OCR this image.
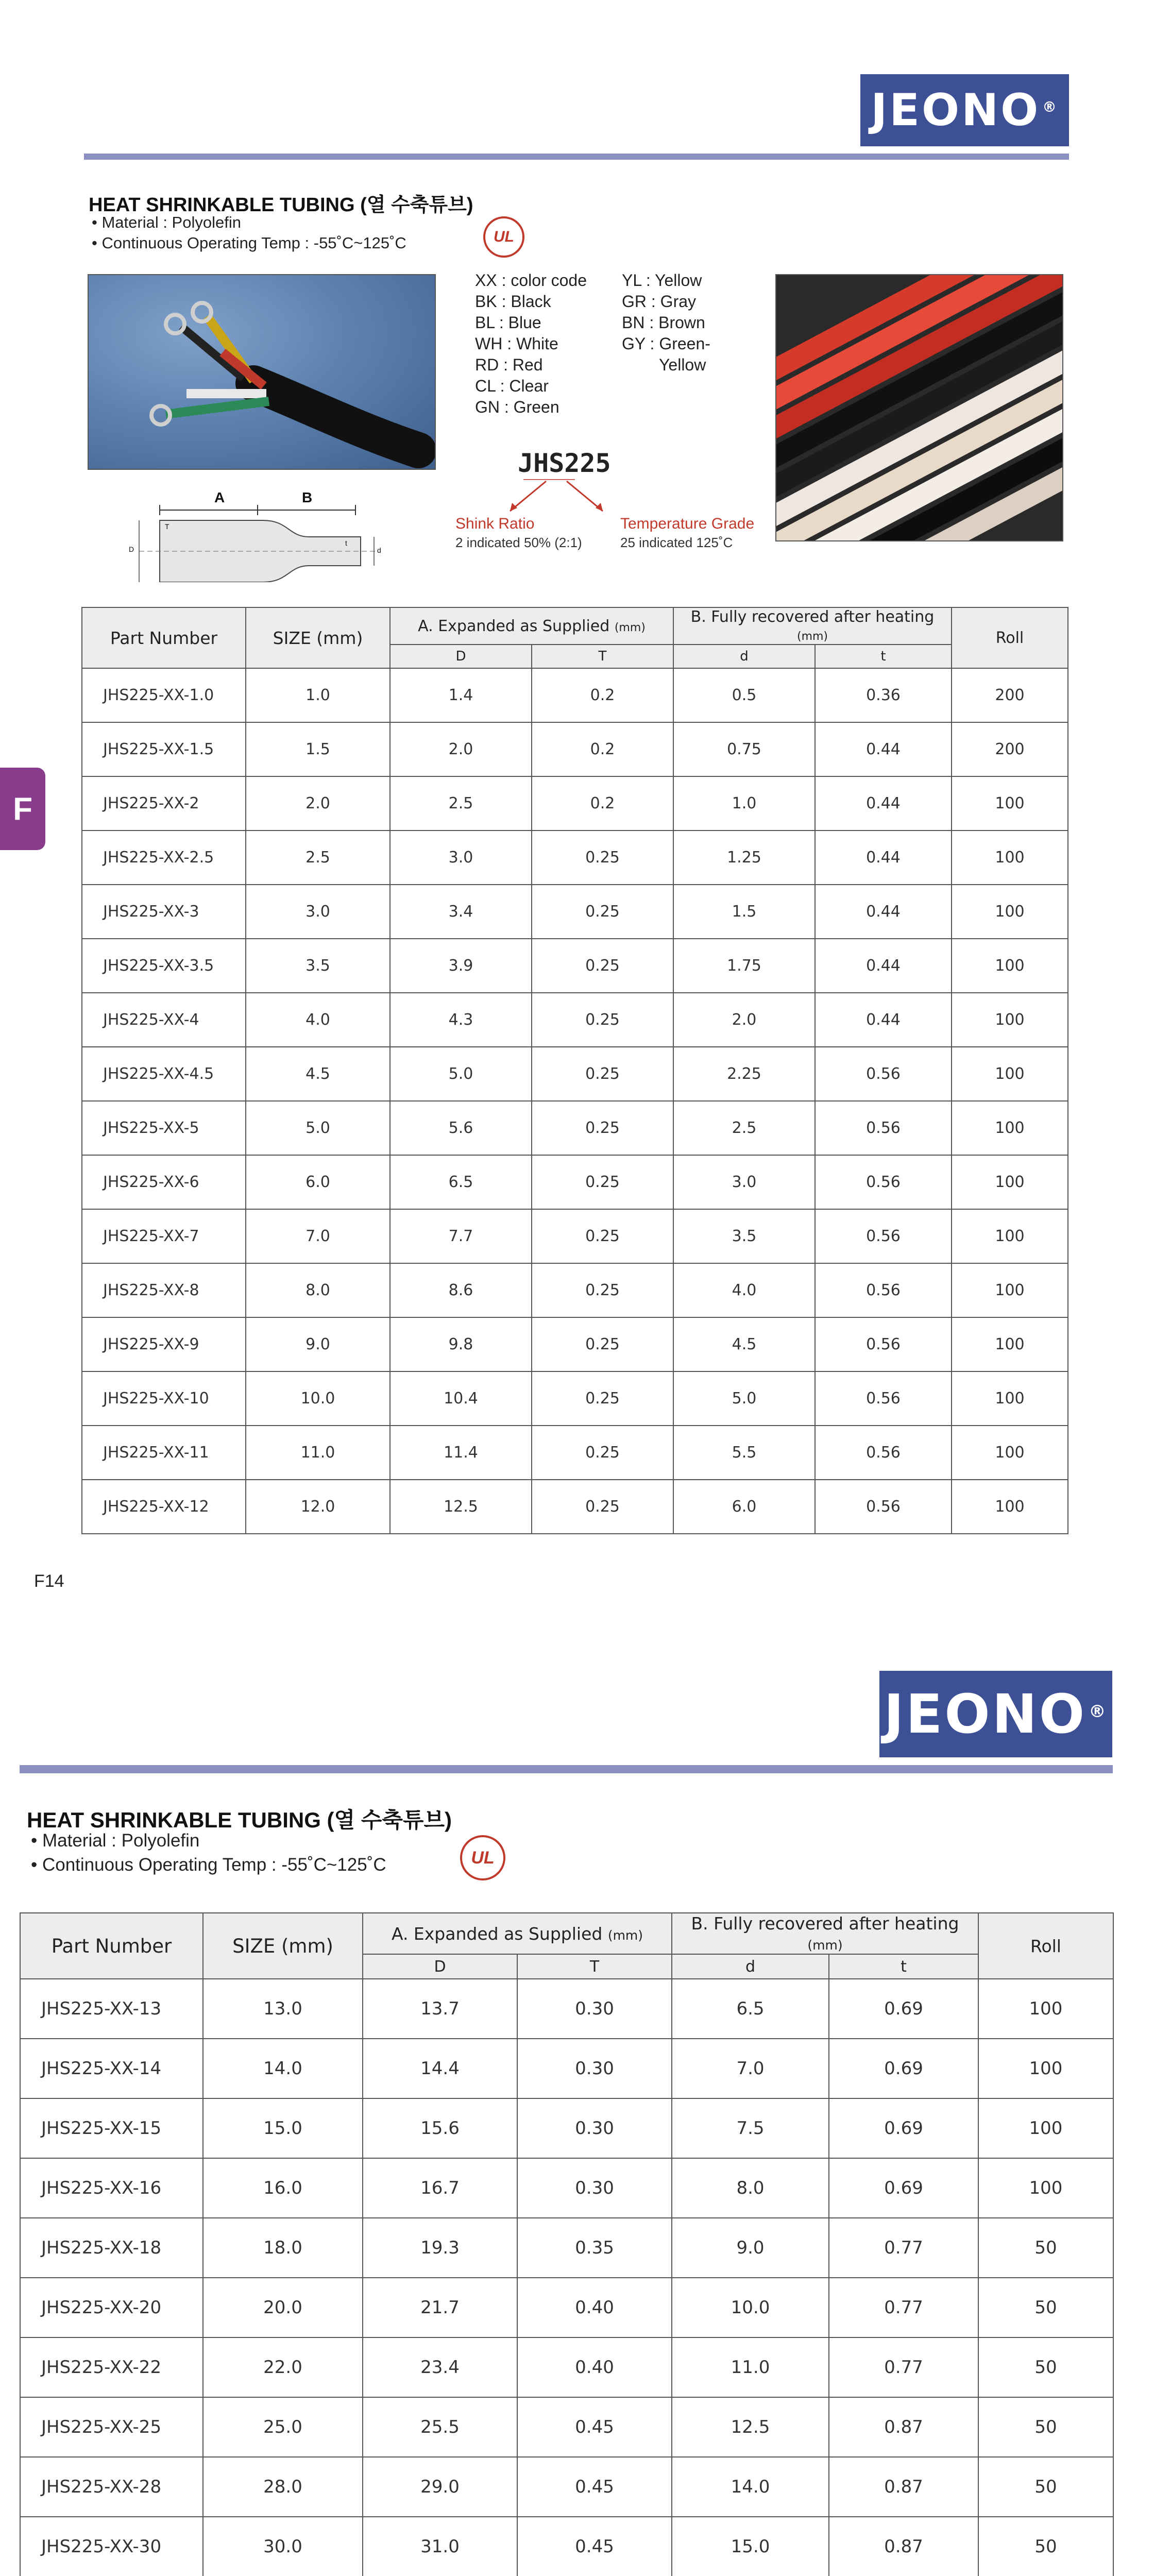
JEONO®
HEAT SHRINKABLE TUBING (열 수축튜브)
• Material : Polyolefin
• Continuous Operating Temp : -55˚C~125˚C	UL
XX : color code
BK : Black
BL : Blue
WH : White
RD : Red
CL : Clear
GN : Green
YL : Yellow
GR : Gray
BN : Brown
GY : Green-
Yellow
A	B
D
T
d
t
JHS225
Shink Ratio
2 indicated 50% (2:1)
Temperature Grade
25 indicated 125˚C
F
Part Number	SIZE (mm)	A. Expanded as Supplied (mm)		B. Fully recovered after heating (mm)		Roll
		D	T	d	t	
JHS225-XX-1.0	1.0	1.4	0.2	0.5	0.36	200
JHS225-XX-1.5	1.5	2.0	0.2	0.75	0.44	200
JHS225-XX-2	2.0	2.5	0.2	1.0	0.44	100
JHS225-XX-2.5	2.5	3.0	0.25	1.25	0.44	100
JHS225-XX-3	3.0	3.4	0.25	1.5	0.44	100
JHS225-XX-3.5	3.5	3.9	0.25	1.75	0.44	100
JHS225-XX-4	4.0	4.3	0.25	2.0	0.44	100
JHS225-XX-4.5	4.5	5.0	0.25	2.25	0.56	100
JHS225-XX-5	5.0	5.6	0.25	2.5	0.56	100
JHS225-XX-6	6.0	6.5	0.25	3.0	0.56	100
JHS225-XX-7	7.0	7.7	0.25	3.5	0.56	100
JHS225-XX-8	8.0	8.6	0.25	4.0	0.56	100
JHS225-XX-9	9.0	9.8	0.25	4.5	0.56	100
JHS225-XX-10	10.0	10.4	0.25	5.0	0.56	100
JHS225-XX-11	11.0	11.4	0.25	5.5	0.56	100
JHS225-XX-12	12.0	12.5	0.25	6.0	0.56	100
F14
JEONO®
HEAT SHRINKABLE TUBING (열 수축튜브)
• Material : Polyolefin
• Continuous Operating Temp : -55˚C~125˚C	UL
Part Number	SIZE (mm)	A. Expanded as Supplied (mm)		B. Fully recovered after heating (mm)		Roll
		D	T	d	t	
JHS225-XX-13	13.0	13.7	0.30	6.5	0.69	100
JHS225-XX-14	14.0	14.4	0.30	7.0	0.69	100
JHS225-XX-15	15.0	15.6	0.30	7.5	0.69	100
JHS225-XX-16	16.0	16.7	0.30	8.0	0.69	100
JHS225-XX-18	18.0	19.3	0.35	9.0	0.77	50
JHS225-XX-20	20.0	21.7	0.40	10.0	0.77	50
JHS225-XX-22	22.0	23.4	0.40	11.0	0.77	50
JHS225-XX-25	25.0	25.5	0.45	12.5	0.87	50
JHS225-XX-28	28.0	29.0	0.45	14.0	0.87	50
JHS225-XX-30	30.0	31.0	0.45	15.0	0.87	50
